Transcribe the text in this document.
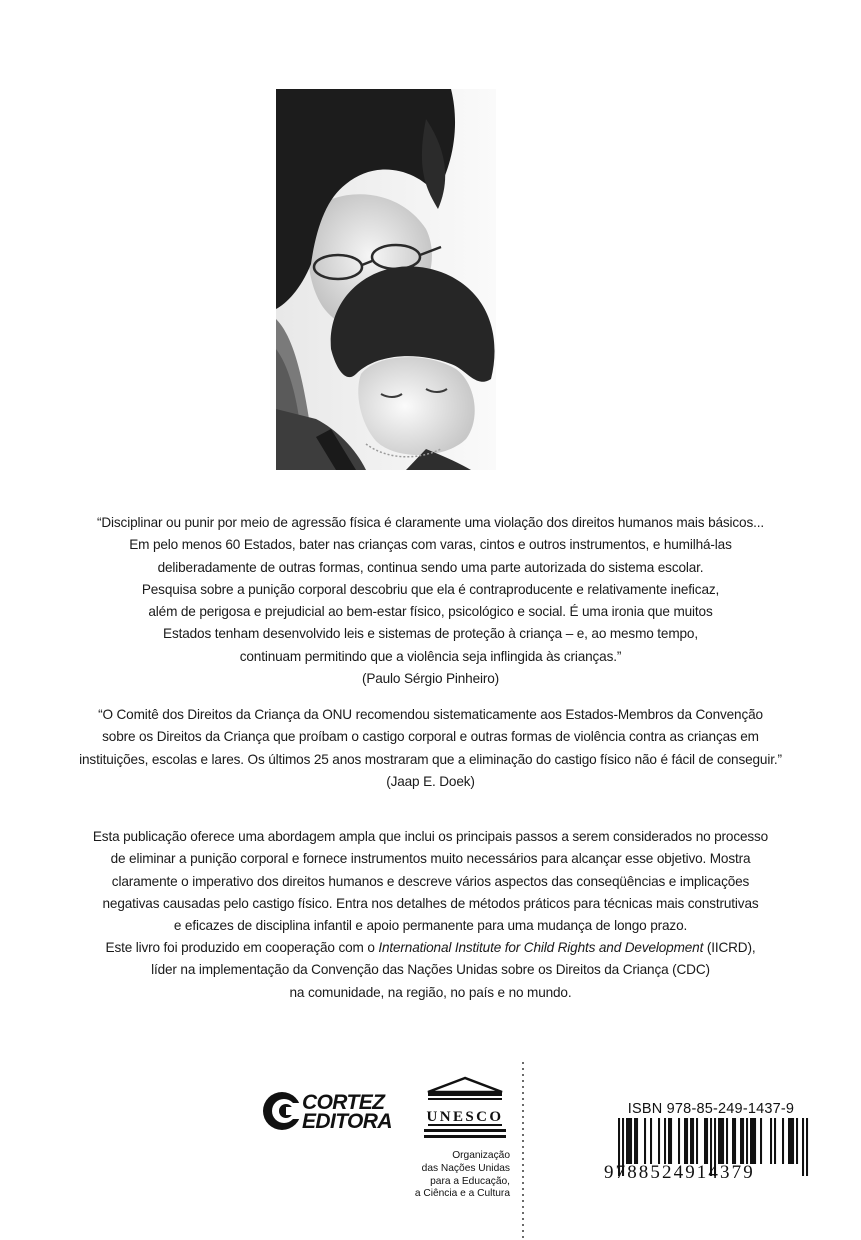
“Disciplinar ou punir por meio de agressão física é claramente uma violação dos direitos humanos mais básicos...
Em pelo menos 60 Estados, bater nas crianças com varas, cintos e outros instrumentos, e humilhá-las
deliberadamente de outras formas, continua sendo uma parte autorizada do sistema escolar.
Pesquisa sobre a punição corporal descobriu que ela é contraproducente e relativamente ineficaz,
além de perigosa e prejudicial ao bem-estar físico, psicológico e social. É uma ironia que muitos
Estados tenham desenvolvido leis e sistemas de proteção à criança – e, ao mesmo tempo,
continuam permitindo que a violência seja inflingida às crianças.”
(Paulo Sérgio Pinheiro)
“O Comitê dos Direitos da Criança da ONU recomendou sistematicamente aos Estados-Membros da Convenção
sobre os Direitos da Criança que proíbam o castigo corporal e outras formas de violência contra as crianças em
instituições, escolas e lares. Os últimos 25 anos mostraram que a eliminação do castigo físico não é fácil de conseguir.”
(Jaap E. Doek)
Esta publicação oferece uma abordagem ampla que inclui os principais passos a serem considerados no processo
de eliminar a punição corporal e fornece instrumentos muito necessários para alcançar esse objetivo. Mostra
claramente o imperativo dos direitos humanos e descreve vários aspectos das conseqüências e implicações
negativas causadas pelo castigo físico. Entra nos detalhes de métodos práticos para técnicas mais construtivas
e eficazes de disciplina infantil e apoio permanente para uma mudança de longo prazo.
Este livro foi produzido em cooperação com o International Institute for Child Rights and Development (IICRD),
líder na implementação da Convenção das Nações Unidas sobre os Direitos da Criança (CDC)
na comunidade, na região, no país e no mundo.
CORTEZ
EDITORA UNESCO
Organização
das Nações Unidas
para a Educação,
a Ciência e a Cultura
ISBN 978-85-249-1437-9
9788524914379
